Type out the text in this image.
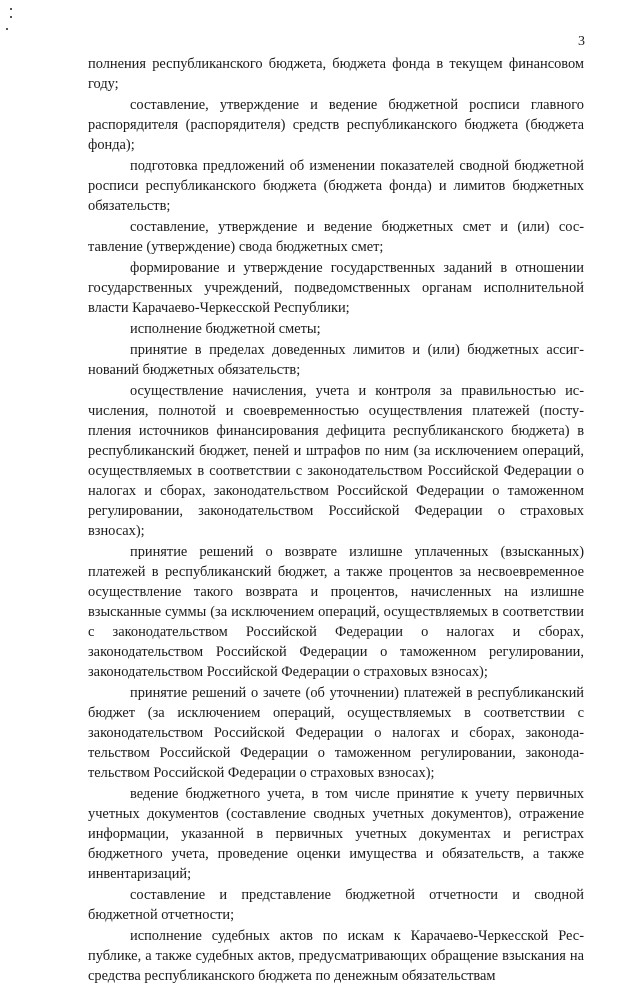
3

полнения республиканского бюджета, бюджета фонда в текущем финансовом году;

составление, утверждение и ведение бюджетной росписи главного распорядителя (распорядителя) средств республиканского бюджета (бюджета фонда);

подготовка предложений об изменении показателей сводной бюджетной росписи республиканского бюджета (бюджета фонда) и лимитов бюджетных обязательств;

составление, утверждение и ведение бюджетных смет и (или) составление (утверждение) свода бюджетных смет;

формирование и утверждение государственных заданий в отношении государственных учреждений, подведомственных органам исполнительной власти Карачаево-Черкесской Республики;

исполнение бюджетной сметы;

принятие в пределах доведенных лимитов и (или) бюджетных ассигнований бюджетных обязательств;

осуществление начисления, учета и контроля за правильностью исчисления, полнотой и своевременностью осуществления платежей (поступления источников финансирования дефицита республиканского бюджета) в республиканский бюджет, пеней и штрафов по ним (за исключением операций, осуществляемых в соответствии с законодательством Российской Федерации о налогах и сборах, законодательством Российской Федерации о таможенном регулировании, законодательством Российской Федерации о страховых взносах);

принятие решений о возврате излишне уплаченных (взысканных) платежей в республиканский бюджет, а также процентов за несвоевременное осуществление такого возврата и процентов, начисленных на излишне взысканные суммы (за исключением операций, осуществляемых в соответствии с законодательством Российской Федерации о налогах и сборах, законодательством Российской Федерации о таможенном регулировании, законодательством Российской Федерации о страховых взносах);

принятие решений о зачете (об уточнении) платежей в республиканский бюджет (за исключением операций, осуществляемых в соответствии с законодательством Российской Федерации о налогах и сборах, законодательством Российской Федерации о таможенном регулировании, законодательством Российской Федерации о страховых взносах);

ведение бюджетного учета, в том числе принятие к учету первичных учетных документов (составление сводных учетных документов), отражение информации, указанной в первичных учетных документах и регистрах бюджетного учета, проведение оценки имущества и обязательств, а также инвентаризаций;

составление и представление бюджетной отчетности и сводной бюджетной отчетности;

исполнение судебных актов по искам к Карачаево-Черкесской Республике, а также судебных актов, предусматривающих обращение взыскания на средства республиканского бюджета по денежным обязательствам
